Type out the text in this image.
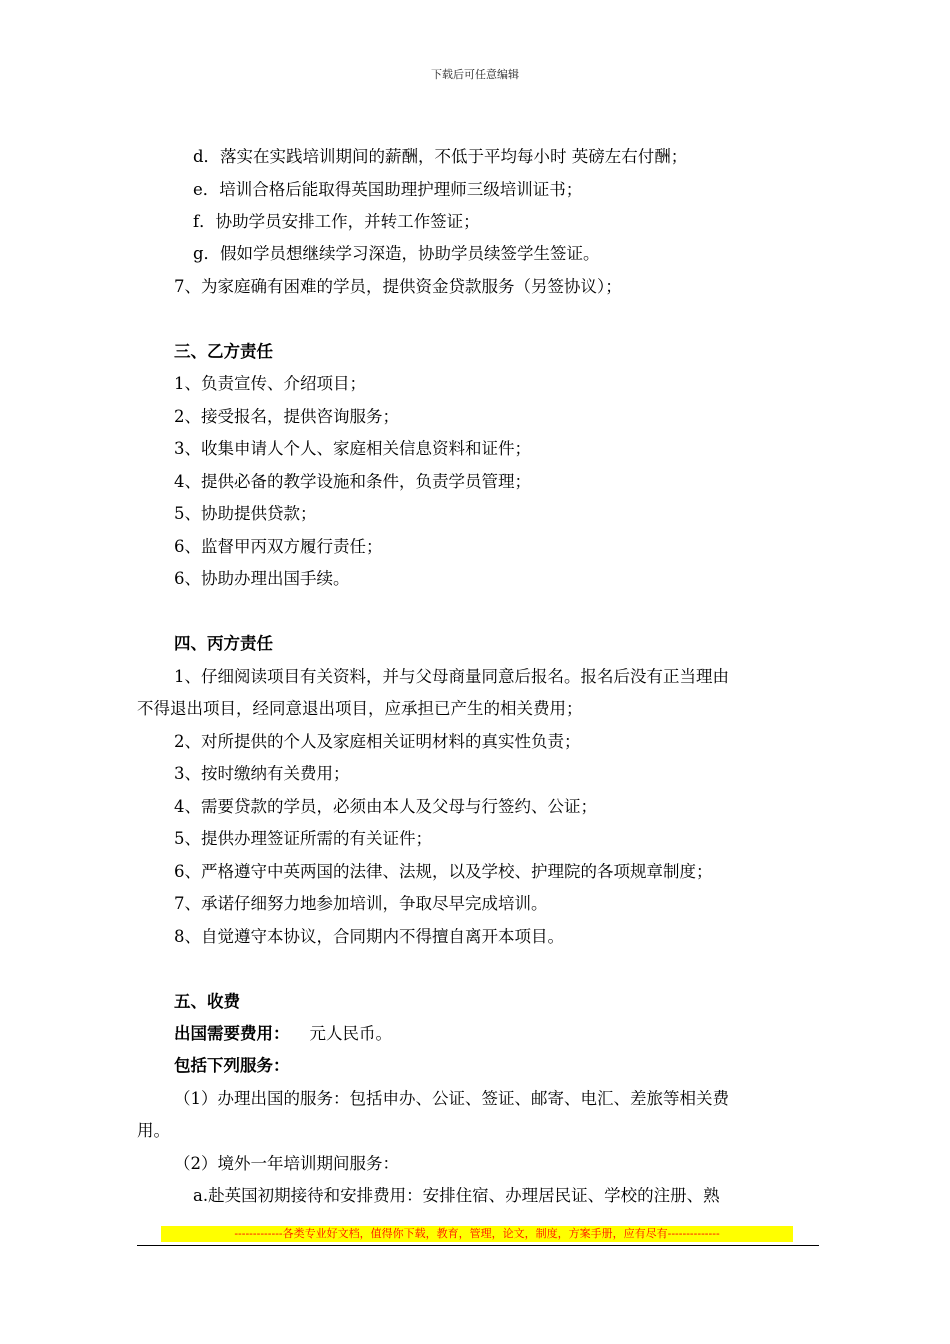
下载后可任意编辑
d．落实在实践培训期间的薪酬，不低于平均每小时 英磅左右付酬；
e．培训合格后能取得英国助理护理师三级培训证书；
f．协助学员安排工作，并转工作签证；
g．假如学员想继续学习深造，协助学员续签学生签证。
7、为家庭确有困难的学员，提供资金贷款服务（另签协议）；
三、乙方责任
1、负责宣传、介绍项目；
2、接受报名，提供咨询服务；
3、收集申请人个人、家庭相关信息资料和证件；
4、提供必备的教学设施和条件，负责学员管理；
5、协助提供贷款；
6、监督甲丙双方履行责任；
6、协助办理出国手续。
四、丙方责任
1、仔细阅读项目有关资料，并与父母商量同意后报名。报名后没有正当理由
不得退出项目，经同意退出项目，应承担已产生的相关费用；
2、对所提供的个人及家庭相关证明材料的真实性负责；
3、按时缴纳有关费用；
4、需要贷款的学员，必须由本人及父母与行签约、公证；
5、提供办理签证所需的有关证件；
6、严格遵守中英两国的法律、法规，以及学校、护理院的各项规章制度；
7、承诺仔细努力地参加培训，争取尽早完成培训。
8、自觉遵守本协议，合同期内不得擅自离开本项目。
五、收费
出国需要费用： 元人民币。
包括下列服务：
（1）办理出国的服务：包括申办、公证、签证、邮寄、电汇、差旅等相关费
用。
（2）境外一年培训期间服务：
a.赴英国初期接待和安排费用：安排住宿、办理居民证、学校的注册、熟
-------------各类专业好文档，值得你下载，教育，管理，论文，制度，方案手册，应有尽有--------------
